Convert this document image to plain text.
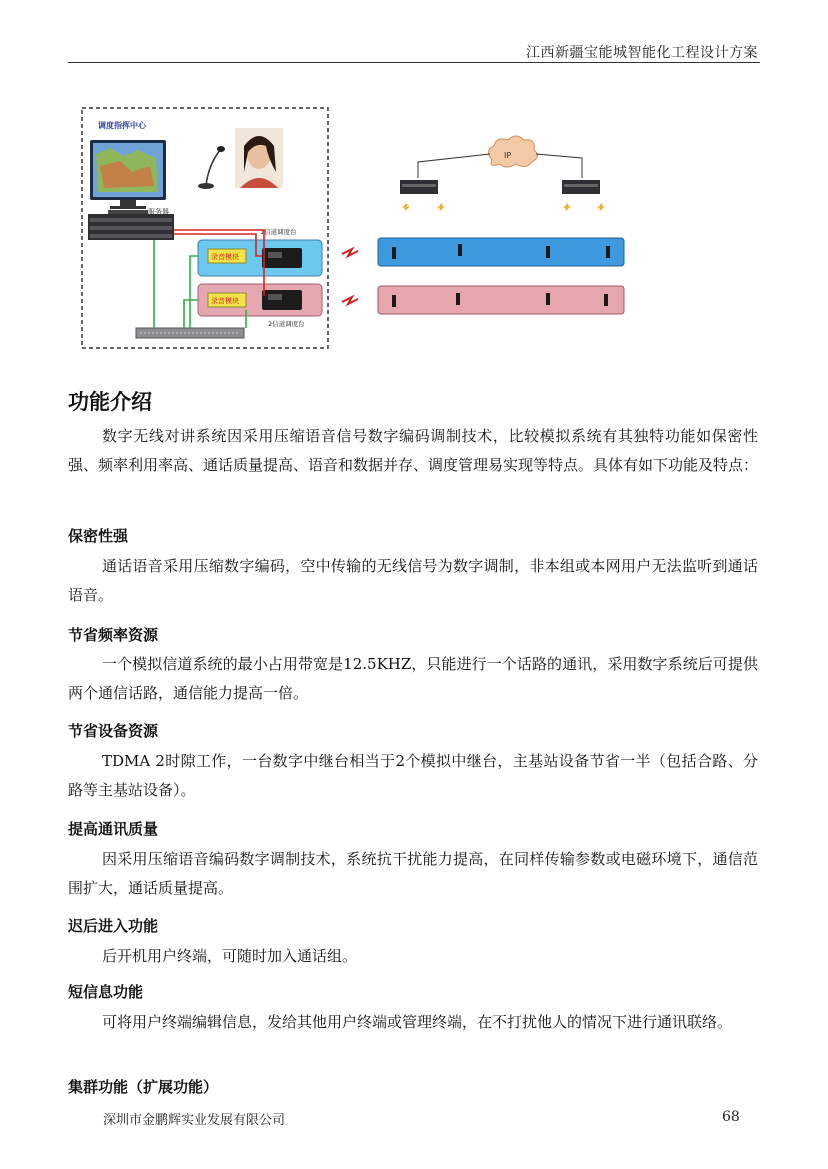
江西新疆宝能城智能化工程设计方案
调度指挥中心
服务器
1信道调度台
录音模块
2信道调度台
录音模块
IP
功能介绍
数字无线对讲系统因采用压缩语音信号数字编码调制技术，比较模拟系统有其独特功能如保密性强、频率利用率高、通话质量提高、语音和数据并存、调度管理易实现等特点。具体有如下功能及特点：
保密性强
通话语音采用压缩数字编码，空中传输的无线信号为数字调制，非本组或本网用户无法监听到通话语音。
节省频率资源
一个模拟信道系统的最小占用带宽是12.5KHZ，只能进行一个话路的通讯，采用数字系统后可提供两个通信话路，通信能力提高一倍。
节省设备资源
TDMA 2时隙工作，一台数字中继台相当于2个模拟中继台，主基站设备节省一半（包括合路、分路等主基站设备）。
提高通讯质量
因采用压缩语音编码数字调制技术，系统抗干扰能力提高，在同样传输参数或电磁环境下，通信范围扩大，通话质量提高。
迟后进入功能
后开机用户终端，可随时加入通话组。
短信息功能
可将用户终端编辑信息，发给其他用户终端或管理终端，在不打扰他人的情况下进行通讯联络。
集群功能（扩展功能）
深圳市金鹏辉实业发展有限公司	68
